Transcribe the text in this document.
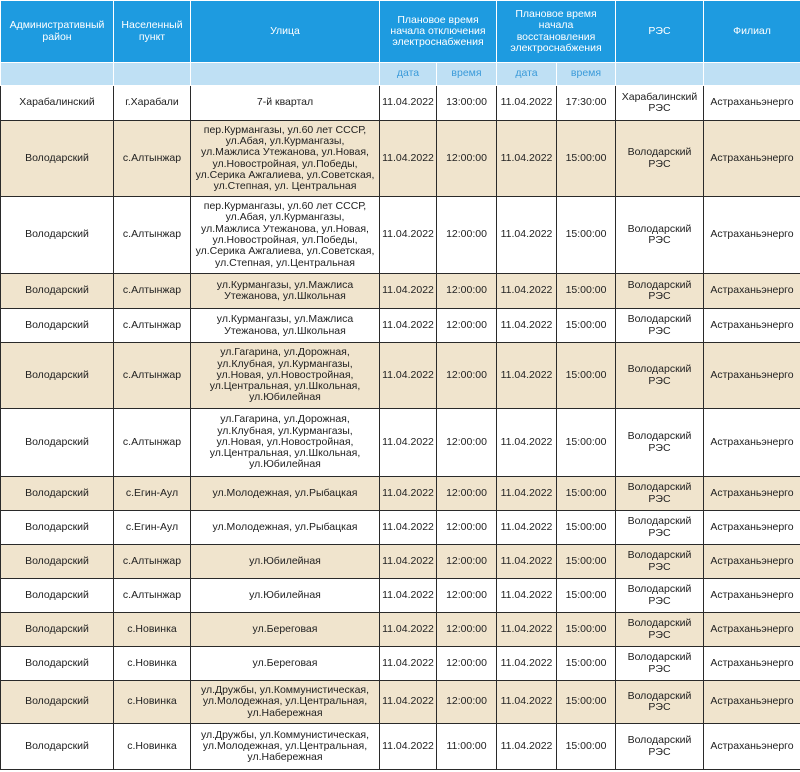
Административный район	Населенный пункт	Улица	Плановое время начала отключения электроснабжения		Плановое время начала восстановления электроснабжения		РЭС	Филиал
			дата	время	дата	время		
Харабалинский	г.Харабали	7-й квартал	11.04.2022	13:00:00	11.04.2022	17:30:00	Харабалинский РЭС	Астраханьэнерго
Володарский	с.Алтынжар	пер.Курмангазы, ул.60 лет СССР, ул.Абая, ул.Курмангазы, ул.Мажлиса Утежанова, ул.Новая, ул.Новостройная, ул.Победы, ул.Серика Ажгалиева, ул.Советская, ул.Степная, ул. Центральная	11.04.2022	12:00:00	11.04.2022	15:00:00	Володарский РЭС	Астраханьэнерго
Володарский	с.Алтынжар	пер.Курмангазы, ул.60 лет СССР, ул.Абая, ул.Курмангазы, ул.Мажлиса Утежанова, ул.Новая, ул.Новостройная, ул.Победы, ул.Серика Ажгалиева, ул.Советская, ул.Степная, ул.Центральная	11.04.2022	12:00:00	11.04.2022	15:00:00	Володарский РЭС	Астраханьэнерго
Володарский	с.Алтынжар	ул.Курмангазы, ул.Мажлиса Утежанова, ул.Школьная	11.04.2022	12:00:00	11.04.2022	15:00:00	Володарский РЭС	Астраханьэнерго
Володарский	с.Алтынжар	ул.Курмангазы, ул.Мажлиса Утежанова, ул.Школьная	11.04.2022	12:00:00	11.04.2022	15:00:00	Володарский РЭС	Астраханьэнерго
Володарский	с.Алтынжар	ул.Гагарина, ул.Дорожная, ул.Клубная, ул.Курмангазы, ул.Новая, ул.Новостройная, ул.Центральная, ул.Школьная, ул.Юбилейная	11.04.2022	12:00:00	11.04.2022	15:00:00	Володарский РЭС	Астраханьэнерго
Володарский	с.Алтынжар	ул.Гагарина, ул.Дорожная, ул.Клубная, ул.Курмангазы, ул.Новая, ул.Новостройная, ул.Центральная, ул.Школьная, ул.Юбилейная	11.04.2022	12:00:00	11.04.2022	15:00:00	Володарский РЭС	Астраханьэнерго
Володарский	с.Егин-Аул	ул.Молодежная, ул.Рыбацкая	11.04.2022	12:00:00	11.04.2022	15:00:00	Володарский РЭС	Астраханьэнерго
Володарский	с.Егин-Аул	ул.Молодежная, ул.Рыбацкая	11.04.2022	12:00:00	11.04.2022	15:00:00	Володарский РЭС	Астраханьэнерго
Володарский	с.Алтынжар	ул.Юбилейная	11.04.2022	12:00:00	11.04.2022	15:00:00	Володарский РЭС	Астраханьэнерго
Володарский	с.Алтынжар	ул.Юбилейная	11.04.2022	12:00:00	11.04.2022	15:00:00	Володарский РЭС	Астраханьэнерго
Володарский	с.Новинка	ул.Береговая	11.04.2022	12:00:00	11.04.2022	15:00:00	Володарский РЭС	Астраханьэнерго
Володарский	с.Новинка	ул.Береговая	11.04.2022	12:00:00	11.04.2022	15:00:00	Володарский РЭС	Астраханьэнерго
Володарский	с.Новинка	ул.Дружбы, ул.Коммунистическая, ул.Молодежная, ул.Центральная, ул.Набережная	11.04.2022	12:00:00	11.04.2022	15:00:00	Володарский РЭС	Астраханьэнерго
Володарский	с.Новинка	ул.Дружбы, ул.Коммунистическая, ул.Молодежная, ул.Центральная, ул.Набережная	11.04.2022	11:00:00	11.04.2022	15:00:00	Володарский РЭС	Астраханьэнерго
